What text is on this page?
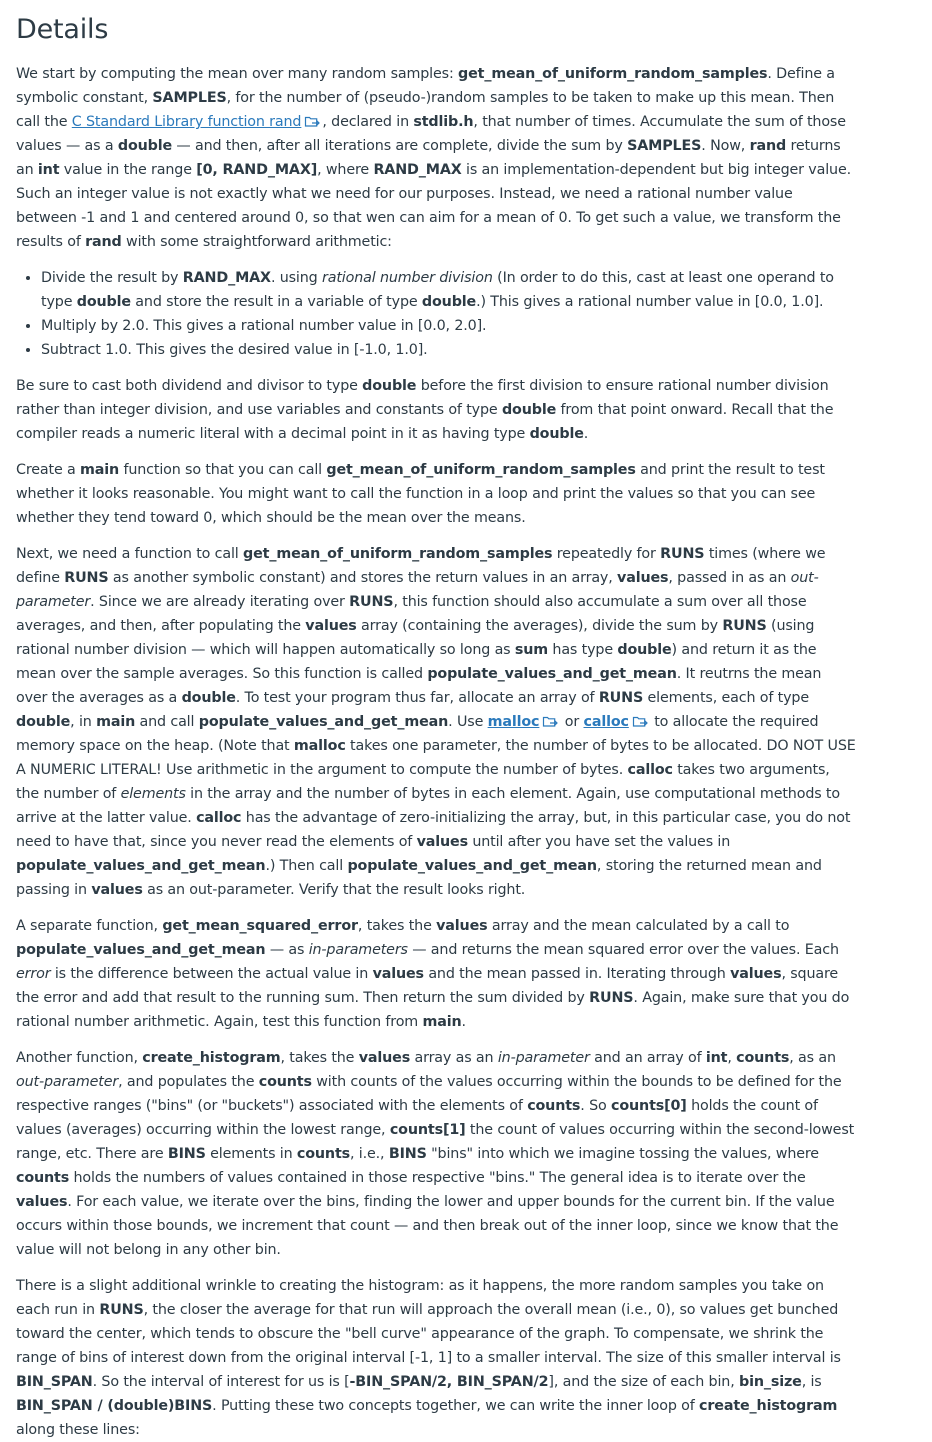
Details

We start by computing the mean over many random samples: get_mean_of_uniform_random_samples. Define a symbolic constant, SAMPLES, for the number of (pseudo-)random samples to be taken to make up this mean. Then call the C Standard Library function rand , declared in stdlib.h, that number of times. Accumulate the sum of those values — as a double — and then, after all iterations are complete, divide the sum by SAMPLES. Now, rand returns an int value in the range [0, RAND_MAX], where RAND_MAX is an implementation-dependent but big integer value. Such an integer value is not exactly what we need for our purposes. Instead, we need a rational number value between -1 and 1 and centered around 0, so that wen can aim for a mean of 0. To get such a value, we transform the results of rand with some straightforward arithmetic:

• Divide the result by RAND_MAX. using rational number division (In order to do this, cast at least one operand to type double and store the result in a variable of type double.) This gives a rational number value in [0.0, 1.0].
• Multiply by 2.0. This gives a rational number value in [0.0, 2.0].
• Subtract 1.0. This gives the desired value in [-1.0, 1.0].

Be sure to cast both dividend and divisor to type double before the first division to ensure rational number division rather than integer division, and use variables and constants of type double from that point onward. Recall that the compiler reads a numeric literal with a decimal point in it as having type double.

Create a main function so that you can call get_mean_of_uniform_random_samples and print the result to test whether it looks reasonable. You might want to call the function in a loop and print the values so that you can see whether they tend toward 0, which should be the mean over the means.

Next, we need a function to call get_mean_of_uniform_random_samples repeatedly for RUNS times (where we define RUNS as another symbolic constant) and stores the return values in an array, values, passed in as an out-parameter. Since we are already iterating over RUNS, this function should also accumulate a sum over all those averages, and then, after populating the values array (containing the averages), divide the sum by RUNS (using rational number division — which will happen automatically so long as sum has type double) and return it as the mean over the sample averages. So this function is called populate_values_and_get_mean. It reutrns the mean over the averages as a double. To test your program thus far, allocate an array of RUNS elements, each of type double, in main and call populate_values_and_get_mean. Use malloc
or calloc
to allocate the required memory space on the heap. (Note that malloc takes one parameter, the number of bytes to be allocated. DO NOT USE A NUMERIC LITERAL! Use arithmetic in the argument to compute the number of bytes. calloc takes two arguments, the number of elements in the array and the number of bytes in each element. Again, use computational methods to arrive at the latter value. calloc has the advantage of zero-initializing the array, but, in this particular case, you do not need to have that, since you never read the elements of values until after you have set the values in populate_values_and_get_mean.) Then call populate_values_and_get_mean, storing the returned mean and passing in values as an out-parameter. Verify that the result looks right.

A separate function, get_mean_squared_error, takes the values array and the mean calculated by a call to populate_values_and_get_mean — as in-parameters — and returns the mean squared error over the values. Each error is the difference between the actual value in values and the mean passed in. Iterating through values, square the error and add that result to the running sum. Then return the sum divided by RUNS. Again, make sure that you do rational number arithmetic. Again, test this function from main.

Another function, create_histogram, takes the values array as an in-parameter and an array of int, counts, as an out-parameter, and populates the counts with counts of the values occurring within the bounds to be defined for the respective ranges ("bins" (or "buckets") associated with the elements of counts. So counts[0] holds the count of values (averages) occurring within the lowest range, counts[1] the count of values occurring within the second-lowest range, etc. There are BINS elements in counts, i.e., BINS "bins" into which we imagine tossing the values, where counts holds the numbers of values contained in those respective "bins." The general idea is to iterate over the values. For each value, we iterate over the bins, finding the lower and upper bounds for the current bin. If the value occurs within those bounds, we increment that count — and then break out of the inner loop, since we know that the value will not belong in any other bin.

There is a slight additional wrinkle to creating the histogram: as it happens, the more random samples you take on each run in RUNS, the closer the average for that run will approach the overall mean (i.e., 0), so values get bunched toward the center, which tends to obscure the "bell curve" appearance of the graph. To compensate, we shrink the range of bins of interest down from the original interval [-1, 1] to a smaller interval. The size of this smaller interval is BIN_SPAN. So the interval of interest for us is [-BIN_SPAN/2, BIN_SPAN/2], and the size of each bin, bin_size, is BIN_SPAN / (double)BINS. Putting these two concepts together, we can write the inner loop of create_histogram along these lines:
